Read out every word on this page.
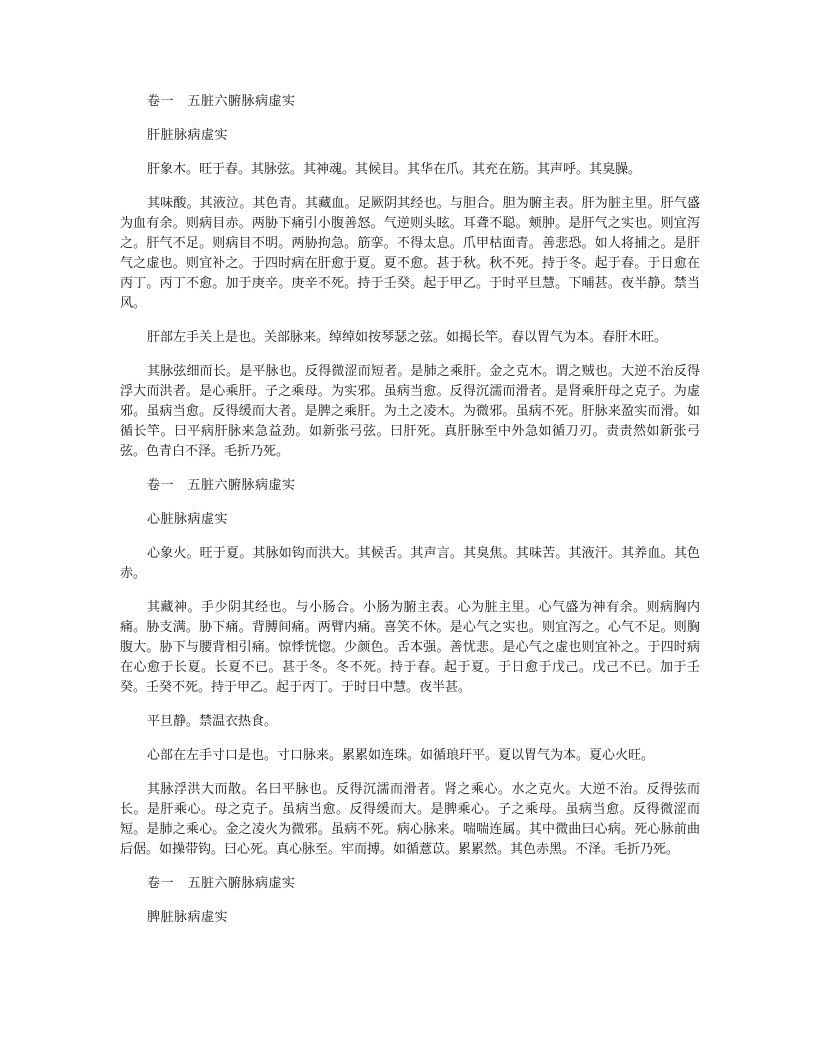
卷一　五脏六腑脉病虚实

肝脏脉病虚实

肝象木。旺于春。其脉弦。其神魂。其候目。其华在爪。其充在筋。其声呼。其臭臊。

其味酸。其液泣。其色青。其藏血。足厥阴其经也。与胆合。胆为腑主表。肝为脏主里。肝气盛为血有余。则病目赤。两胁下痛引小腹善怒。气逆则头眩。耳聋不聪。颊肿。是肝气之实也。则宜泻之。肝气不足。则病目不明。两胁拘急。筋挛。不得太息。爪甲枯面青。善悲恐。如人将捕之。是肝气之虚也。则宜补之。于四时病在肝愈于夏。夏不愈。甚于秋。秋不死。持于冬。起于春。于日愈在丙丁。丙丁不愈。加于庚辛。庚辛不死。持于壬癸。起于甲乙。于时平旦慧。下晡甚。夜半静。禁当风。

肝部左手关上是也。关部脉来。绰绰如按琴瑟之弦。如揭长竿。春以胃气为本。春肝木旺。

其脉弦细而长。是平脉也。反得微涩而短者。是肺之乘肝。金之克木。谓之贼也。大逆不治反得浮大而洪者。是心乘肝。子之乘母。为实邪。虽病当愈。反得沉濡而滑者。是肾乘肝母之克子。为虚邪。虽病当愈。反得缓而大者。是脾之乘肝。为土之凌木。为微邪。虽病不死。肝脉来盈实而滑。如循长竿。曰平病肝脉来急益劲。如新张弓弦。曰肝死。真肝脉至中外急如循刀刃。责责然如新张弓弦。色青白不泽。毛折乃死。

卷一　五脏六腑脉病虚实

心脏脉病虚实

心象火。旺于夏。其脉如钩而洪大。其候舌。其声言。其臭焦。其味苦。其液汗。其养血。其色赤。

其藏神。手少阴其经也。与小肠合。小肠为腑主表。心为脏主里。心气盛为神有余。则病胸内痛。胁支满。胁下痛。背膊间痛。两臂内痛。喜笑不休。是心气之实也。则宜泻之。心气不足。则胸腹大。胁下与腰背相引痛。惊悸恍惚。少颜色。舌本强。善忧悲。是心气之虚也则宜补之。于四时病在心愈于长夏。长夏不已。甚于冬。冬不死。持于春。起于夏。于日愈于戊己。戊己不已。加于壬癸。壬癸不死。持于甲乙。起于丙丁。于时日中慧。夜半甚。

平旦静。禁温衣热食。

心部在左手寸口是也。寸口脉来。累累如连珠。如循琅玕平。夏以胃气为本。夏心火旺。

其脉浮洪大而散。名曰平脉也。反得沉濡而滑者。肾之乘心。水之克火。大逆不治。反得弦而长。是肝乘心。母之克子。虽病当愈。反得缓而大。是脾乘心。子之乘母。虽病当愈。反得微涩而短。是肺之乘心。金之凌火为微邪。虽病不死。病心脉来。喘喘连属。其中微曲曰心病。死心脉前曲后倨。如操带钩。曰心死。真心脉至。牢而搏。如循薏苡。累累然。其色赤黑。不泽。毛折乃死。

卷一　五脏六腑脉病虚实

脾脏脉病虚实
